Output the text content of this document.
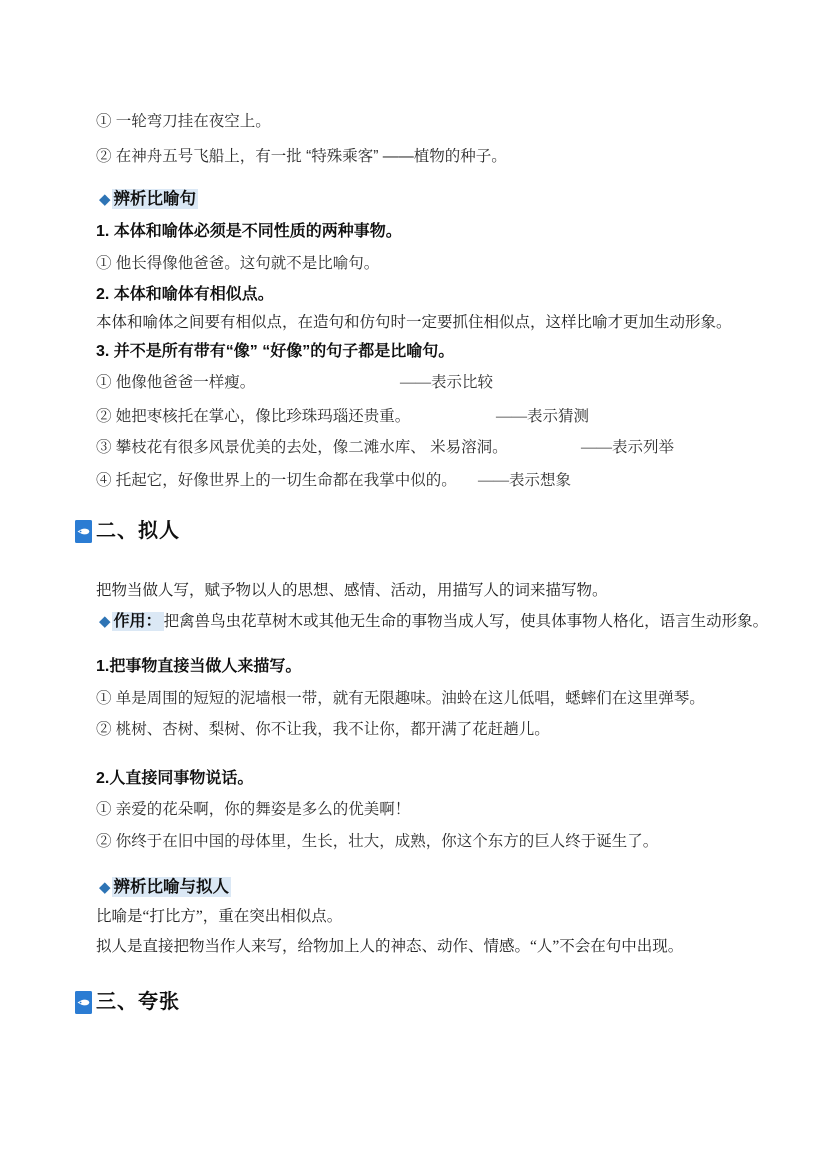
① 一轮弯刀挂在夜空上。

② 在神舟五号飞船上，有一批 “特殊乘客” ——植物的种子。

◆ 辨析比喻句

1. 本体和喻体必须是不同性质的两种事物。

① 他长得像他爸爸。这句就不是比喻句。

2. 本体和喻体有相似点。

本体和喻体之间要有相似点，在造句和仿句时一定要抓住相似点，这样比喻才更加生动形象。

3. 并不是所有带有“像” “好像”的句子都是比喻句。

① 他像他爸爸一样瘦。	——表示比较

② 她把枣核托在掌心，像比珍珠玛瑙还贵重。	——表示猜测

③ 攀枝花有很多风景优美的去处，像二滩水库、 米易溶洞。	——表示列举

④ 托起它，好像世界上的一切生命都在我掌中似的。 ——表示想象

二、拟人

把物当做人写，赋予物以人的思想、感情、活动，用描写人的词来描写物。

◆ 作用： 把禽兽鸟虫花草树木或其他无生命的事物当成人写，使具体事物人格化，语言生动形象。

1.把事物直接当做人来描写。

① 单是周围的短短的泥墙根一带，就有无限趣味。油蛉在这儿低唱，蟋蟀们在这里弹琴。

② 桃树、杏树、梨树、你不让我，我不让你，都开满了花赶趟儿。

2.人直接同事物说话。

① 亲爱的花朵啊，你的舞姿是多么的优美啊！

② 你终于在旧中国的母体里，生长，壮大，成熟，你这个东方的巨人终于诞生了。

◆ 辨析比喻与拟人

比喻是“打比方”，重在突出相似点。

拟人是直接把物当作人来写，给物加上人的神态、动作、情感。“人”不会在句中出现。

三、夸张
